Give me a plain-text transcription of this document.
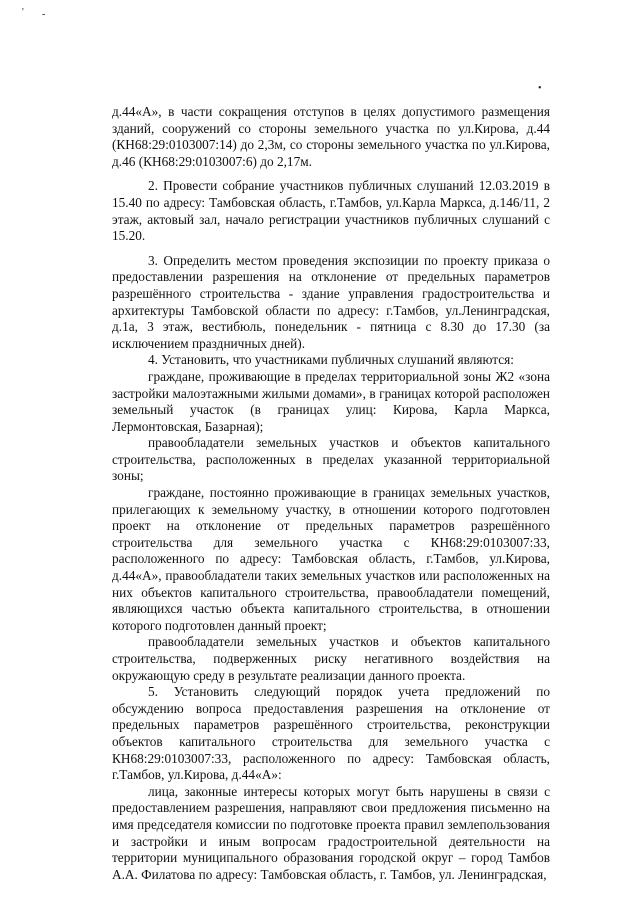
' -
•

д.44«А», в части сокращения отступов в целях допустимого размещения зданий, сооружений со стороны земельного участка по ул.Кирова, д.44 (КН68:29:0103007:14) до 2,3м, со стороны земельного участка по ул.Кирова, д.46 (КН68:29:0103007:6) до 2,17м.

2. Провести собрание участников публичных слушаний 12.03.2019 в 15.40 по адресу: Тамбовская область, г.Тамбов, ул.Карла Маркса, д.146/11, 2 этаж, актовый зал, начало регистрации участников публичных слушаний с 15.20.

3. Определить местом проведения экспозиции по проекту приказа о предоставлении разрешения на отклонение от предельных параметров разрешённого строительства - здание управления градостроительства и архитектуры Тамбовской области по адресу: г.Тамбов, ул.Ленинградская, д.1а, 3 этаж, вестибюль, понедельник - пятница с 8.30 до 17.30 (за исключением праздничных дней).

4. Установить, что участниками публичных слушаний являются:

граждане, проживающие в пределах территориальной зоны Ж2 «зона застройки малоэтажными жилыми домами», в границах которой расположен земельный участок (в границах улиц: Кирова, Карла Маркса, Лермонтовская, Базарная);

правообладатели земельных участков и объектов капитального строительства, расположенных в пределах указанной территориальной зоны;

граждане, постоянно проживающие в границах земельных участков, прилегающих к земельному участку, в отношении которого подготовлен проект на отклонение от предельных параметров разрешённого строительства для земельного участка с КН68:29:0103007:33, расположенного по адресу: Тамбовская область, г.Тамбов, ул.Кирова, д.44«А», правообладатели таких земельных участков или расположенных на них объектов капитального строительства, правообладатели помещений, являющихся частью объекта капитального строительства, в отношении которого подготовлен данный проект;

правообладатели земельных участков и объектов капитального строительства, подверженных риску негативного воздействия на окружающую среду в результате реализации данного проекта.

5. Установить следующий порядок учета предложений по обсуждению вопроса предоставления разрешения на отклонение от предельных параметров разрешённого строительства, реконструкции объектов капитального строительства для земельного участка с КН68:29:0103007:33, расположенного по адресу: Тамбовская область, г.Тамбов, ул.Кирова, д.44«А»:

лица, законные интересы которых могут быть нарушены в связи с предоставлением разрешения, направляют свои предложения письменно на имя председателя комиссии по подготовке проекта правил землепользования и застройки и иным вопросам градостроительной деятельности на территории муниципального образования городской округ – город Тамбов А.А. Филатова по адресу: Тамбовская область, г. Тамбов, ул. Ленинградская,
